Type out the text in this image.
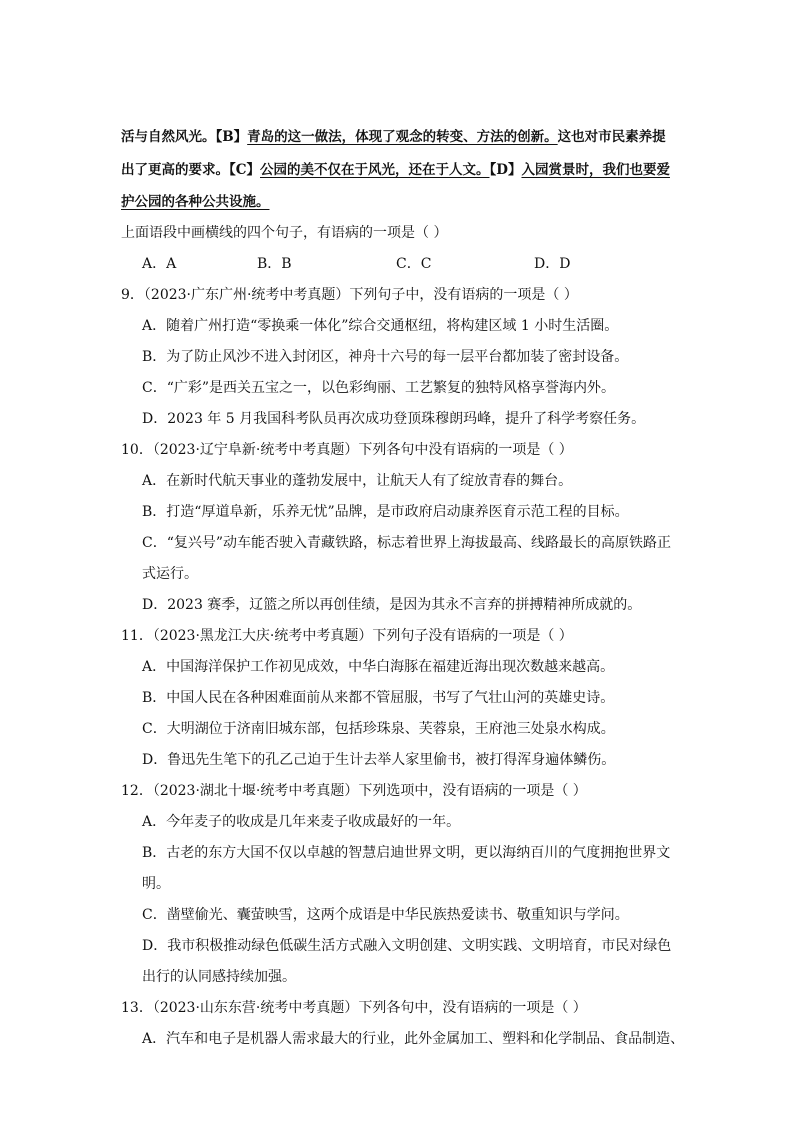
活与自然风光。【B】青岛的这一做法，体现了观念的转变、方法的创新。这也对市民素养提
出了更高的要求。【C】公园的美不仅在于风光，还在于人文。【D】入园赏景时，我们也要爱
护公园的各种公共设施。
上面语段中画横线的四个句子，有语病的一项是（ ）
A．A	B．B	C．C	D．D
9．（2023·广东广州·统考中考真题）下列句子中，没有语病的一项是（ ）
A．随着广州打造“零换乘一体化”综合交通枢纽，将构建区域 1 小时生活圈。
B．为了防止风沙不进入封闭区，神舟十六号的每一层平台都加装了密封设备。
C．“广彩”是西关五宝之一，以色彩绚丽、工艺繁复的独特风格享誉海内外。
D．2023 年 5 月我国科考队员再次成功登顶珠穆朗玛峰，提升了科学考察任务。
10．（2023·辽宁阜新·统考中考真题）下列各句中没有语病的一项是（ ）
A．在新时代航天事业的蓬勃发展中，让航天人有了绽放青春的舞台。
B．打造“厚道阜新，乐养无忧”品牌，是市政府启动康养医育示范工程的目标。
C．“复兴号”动车能否驶入青藏铁路，标志着世界上海拔最高、线路最长的高原铁路正
式运行。
D．2023 赛季，辽篮之所以再创佳绩，是因为其永不言弃的拼搏精神所成就的。
11．（2023·黑龙江大庆·统考中考真题）下列句子没有语病的一项是（ ）
A．中国海洋保护工作初见成效，中华白海豚在福建近海出现次数越来越高。
B．中国人民在各种困难面前从来都不管屈服，书写了气壮山河的英雄史诗。
C．大明湖位于济南旧城东部，包括珍珠泉、芙蓉泉，王府池三处泉水构成。
D．鲁迅先生笔下的孔乙己迫于生计去举人家里偷书，被打得浑身遍体鳞伤。
12．（2023·湖北十堰·统考中考真题）下列选项中，没有语病的一项是（ ）
A．今年麦子的收成是几年来麦子收成最好的一年。
B．古老的东方大国不仅以卓越的智慧启迪世界文明，更以海纳百川的气度拥抱世界文
明。
C．凿壁偷光、囊萤映雪，这两个成语是中华民族热爱读书、敬重知识与学问。
D．我市积极推动绿色低碳生活方式融入文明创建、文明实践、文明培育，市民对绿色
出行的认同感持续加强。
13．（2023·山东东营·统考中考真题）下列各句中，没有语病的一项是（ ）
A．汽车和电子是机器人需求最大的行业，此外金属加工、塑料和化学制品、食品制造、
